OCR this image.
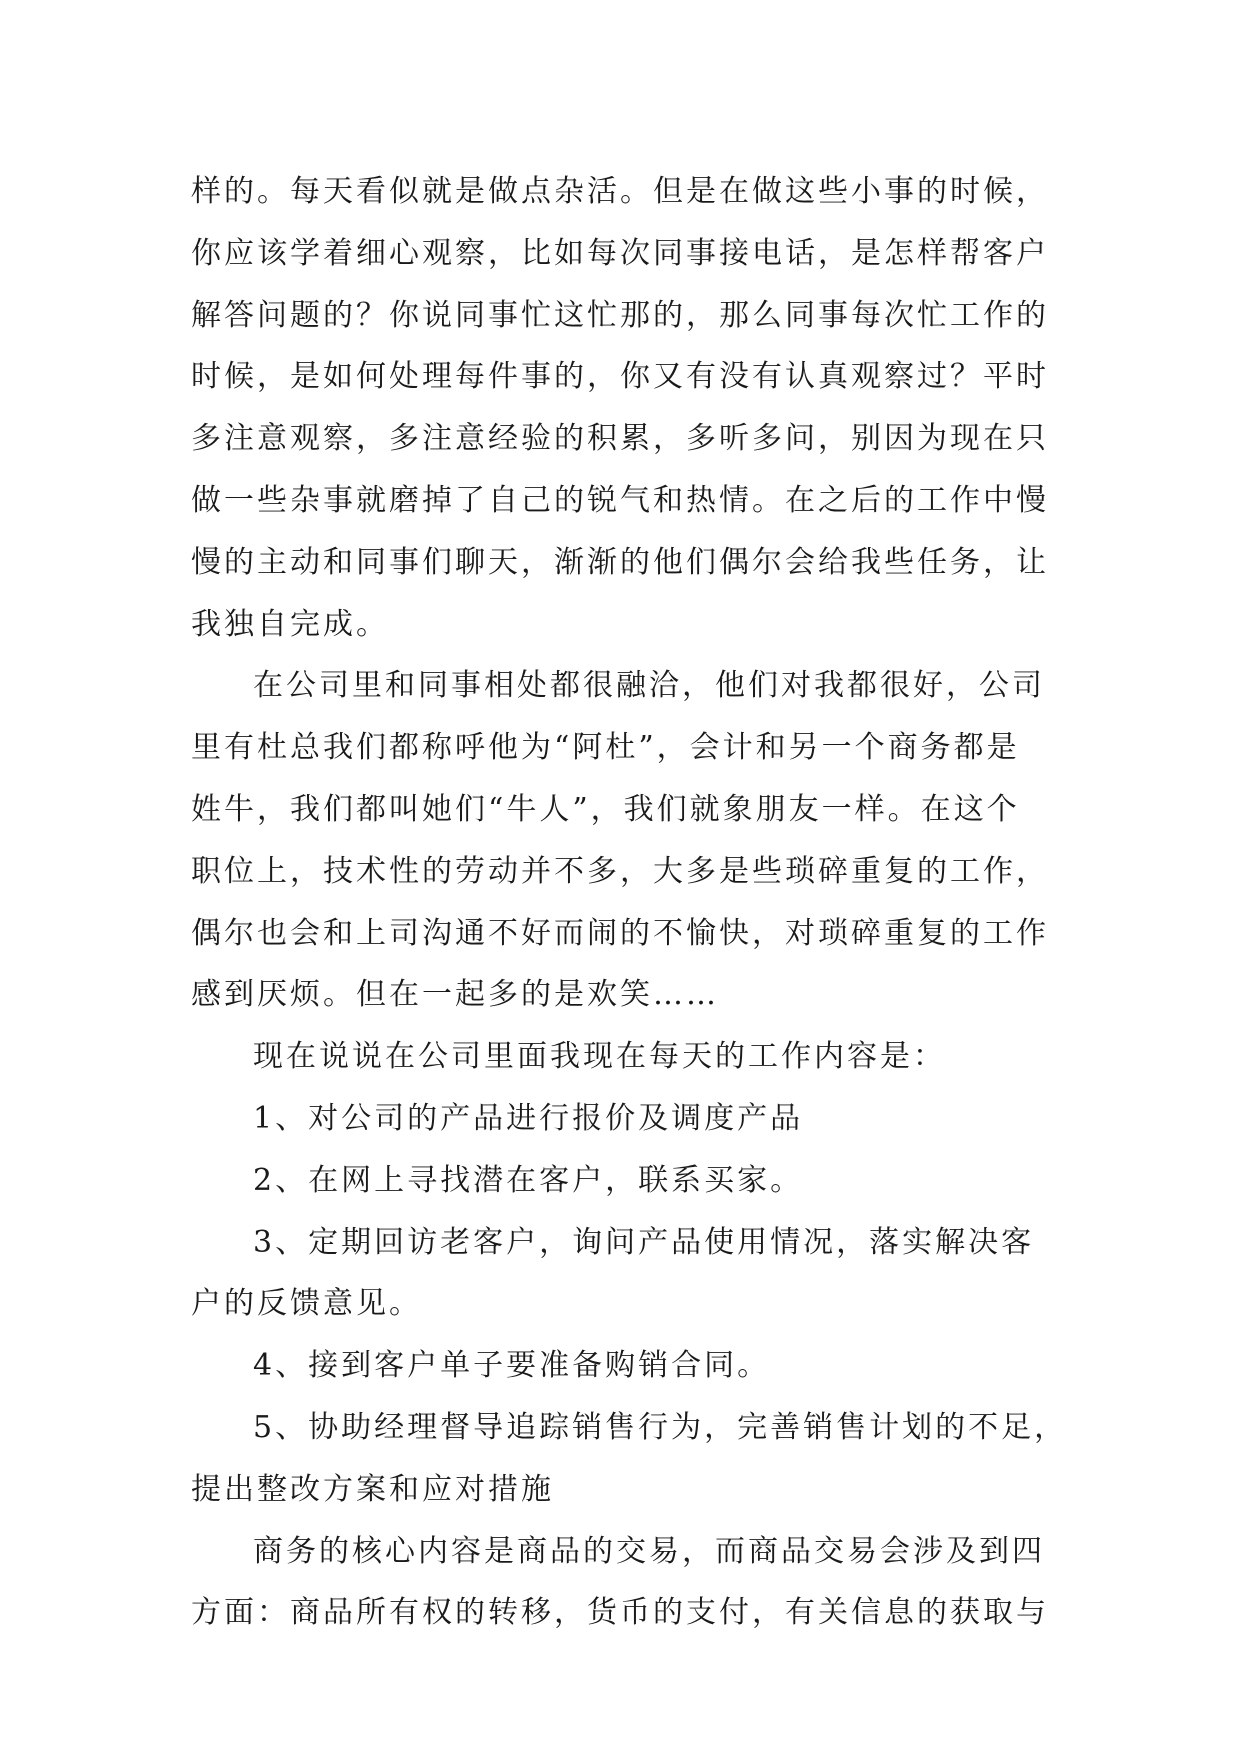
样的。每天看似就是做点杂活。但是在做这些小事的时候，
你应该学着细心观察，比如每次同事接电话，是怎样帮客户
解答问题的？你说同事忙这忙那的，那么同事每次忙工作的
时候，是如何处理每件事的，你又有没有认真观察过？平时
多注意观察，多注意经验的积累，多听多问，别因为现在只
做一些杂事就磨掉了自己的锐气和热情。在之后的工作中慢
慢的主动和同事们聊天，渐渐的他们偶尔会给我些任务，让
我独自完成。
在公司里和同事相处都很融洽，他们对我都很好，公司
里有杜总我们都称呼他为“阿杜”，会计和另一个商务都是
姓牛，我们都叫她们“牛人”，我们就象朋友一样。在这个
职位上，技术性的劳动并不多，大多是些琐碎重复的工作，
偶尔也会和上司沟通不好而闹的不愉快，对琐碎重复的工作
感到厌烦。但在一起多的是欢笑……
现在说说在公司里面我现在每天的工作内容是：
1、对公司的产品进行报价及调度产品
2、在网上寻找潜在客户，联系买家。
3、定期回访老客户，询问产品使用情况，落实解决客
户的反馈意见。
4、接到客户单子要准备购销合同。
5、协助经理督导追踪销售行为，完善销售计划的不足，
提出整改方案和应对措施
商务的核心内容是商品的交易，而商品交易会涉及到四
方面：商品所有权的转移，货币的支付，有关信息的获取与
